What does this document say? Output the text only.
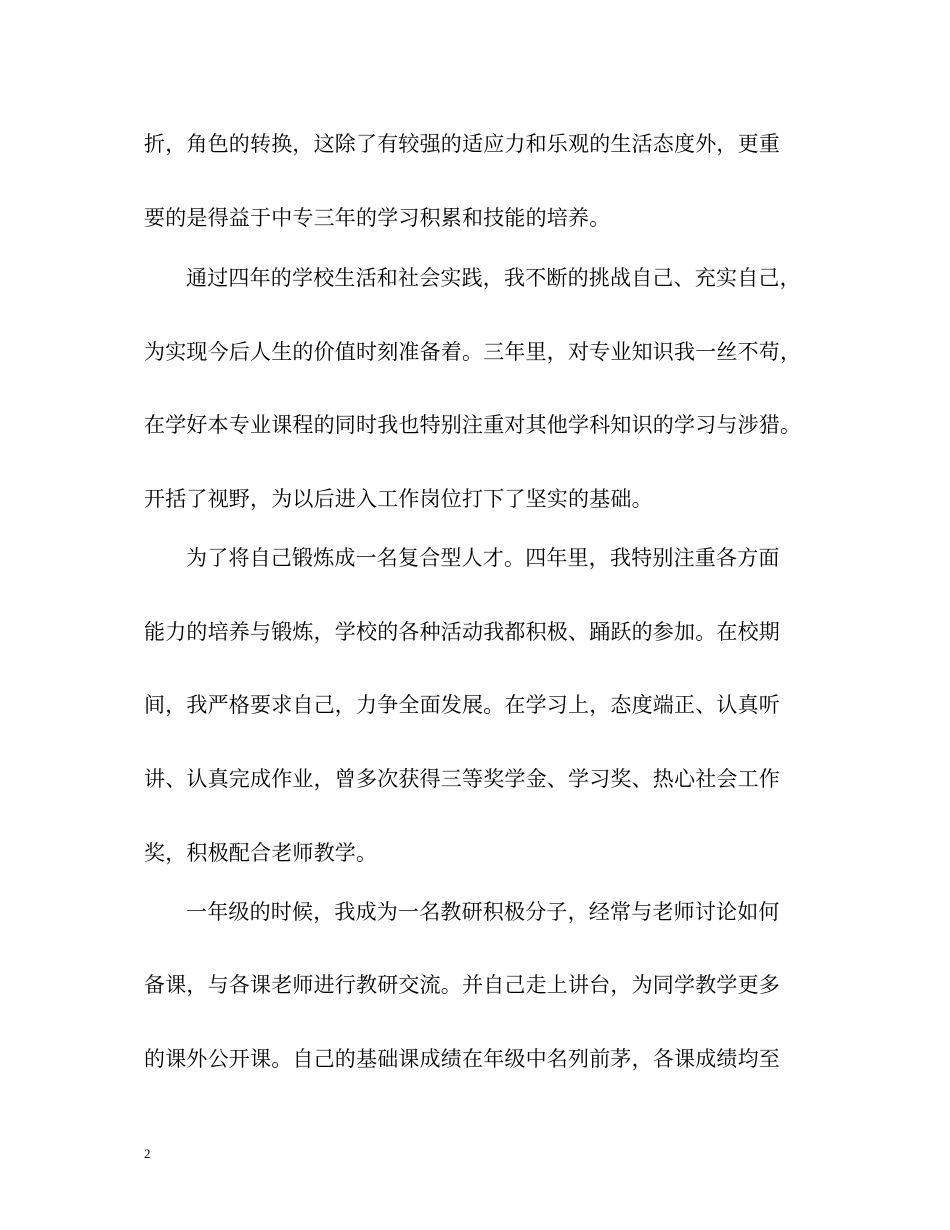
折，角色的转换，这除了有较强的适应力和乐观的生活态度外，更重
要的是得益于中专三年的学习积累和技能的培养。
通过四年的学校生活和社会实践，我不断的挑战自己、充实自己，
为实现今后人生的价值时刻准备着。三年里，对专业知识我一丝不苟，
在学好本专业课程的同时我也特别注重对其他学科知识的学习与涉猎。
开括了视野，为以后进入工作岗位打下了坚实的基础。
为了将自己锻炼成一名复合型人才。四年里，我特别注重各方面
能力的培养与锻炼，学校的各种活动我都积极、踊跃的参加。在校期
间，我严格要求自己，力争全面发展。在学习上，态度端正、认真听
讲、认真完成作业，曾多次获得三等奖学金、学习奖、热心社会工作
奖，积极配合老师教学。
一年级的时候，我成为一名教研积极分子，经常与老师讨论如何
备课，与各课老师进行教研交流。并自己走上讲台，为同学教学更多
的课外公开课。自己的基础课成绩在年级中名列前茅，各课成绩均至
2
